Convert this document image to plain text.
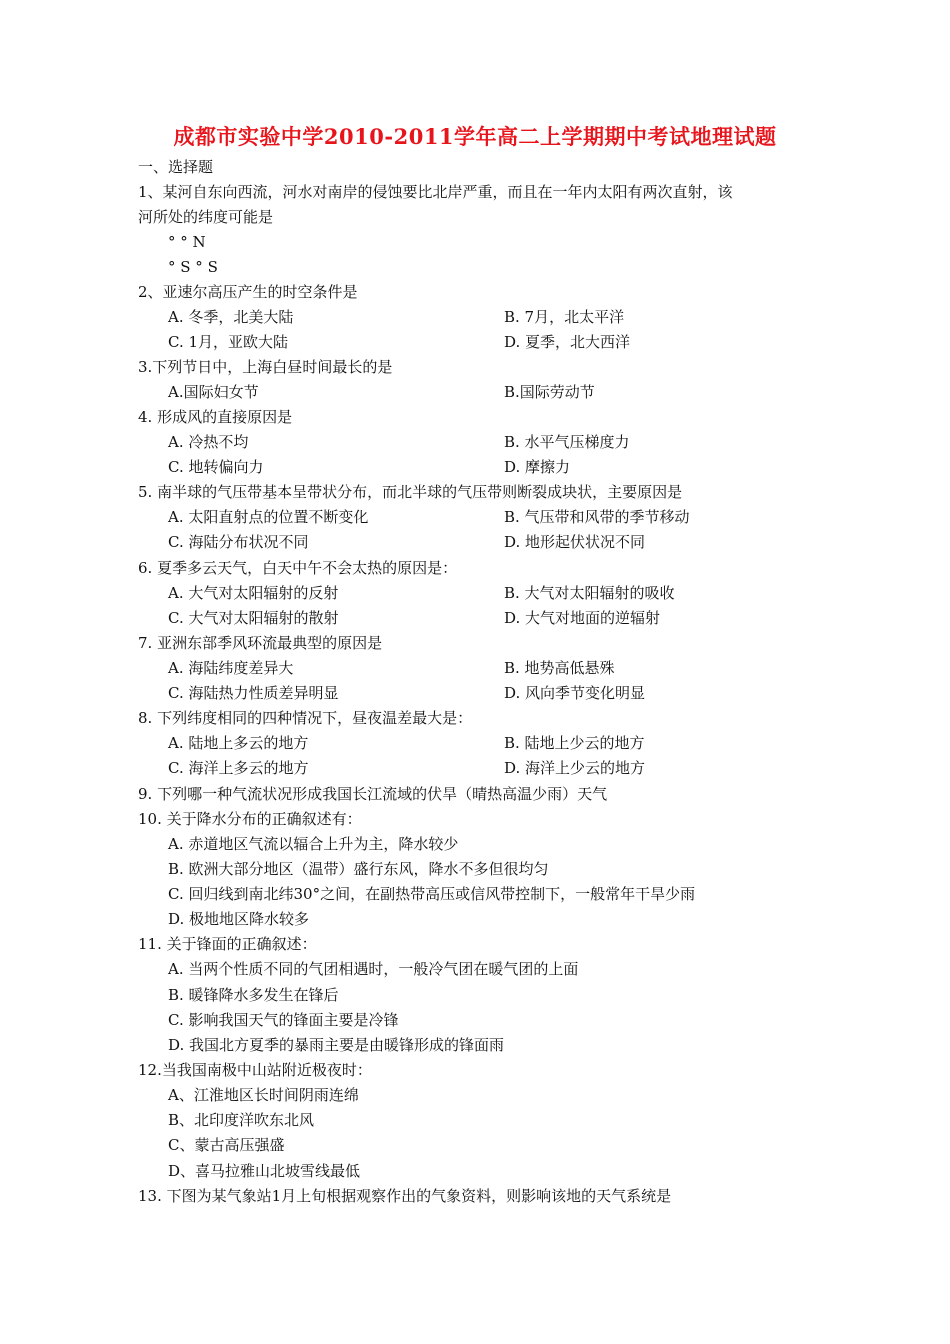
成都市实验中学2010-2011学年高二上学期期中考试地理试题
一、选择题
1、某河自东向西流，河水对南岸的侵蚀要比北岸严重，而且在一年内太阳有两次直射，该
河所处的纬度可能是
° ° N
° S ° S
2、亚速尔高压产生的时空条件是
A. 冬季，北美大陆	B. 7月，北太平洋
C. 1月，亚欧大陆	D. 夏季，北大西洋
3.下列节日中，上海白昼时间最长的是
A.国际妇女节	B.国际劳动节
4. 形成风的直接原因是
A. 冷热不均	B. 水平气压梯度力
C. 地转偏向力	D. 摩擦力
5. 南半球的气压带基本呈带状分布，而北半球的气压带则断裂成块状，主要原因是
A. 太阳直射点的位置不断变化	B. 气压带和风带的季节移动
C. 海陆分布状况不同	D. 地形起伏状况不同
6. 夏季多云天气，白天中午不会太热的原因是：
A. 大气对太阳辐射的反射	B. 大气对太阳辐射的吸收
C. 大气对太阳辐射的散射	D. 大气对地面的逆辐射
7. 亚洲东部季风环流最典型的原因是
A. 海陆纬度差异大	B. 地势高低悬殊
C. 海陆热力性质差异明显	D. 风向季节变化明显
8. 下列纬度相同的四种情况下，昼夜温差最大是：
A. 陆地上多云的地方	B. 陆地上少云的地方
C. 海洋上多云的地方	D. 海洋上少云的地方
9. 下列哪一种气流状况形成我国长江流域的伏旱（晴热高温少雨）天气
10. 关于降水分布的正确叙述有：
A. 赤道地区气流以辐合上升为主，降水较少
B. 欧洲大部分地区（温带）盛行东风，降水不多但很均匀
C. 回归线到南北纬30°之间，在副热带高压或信风带控制下，一般常年干旱少雨
D. 极地地区降水较多
11. 关于锋面的正确叙述：
A. 当两个性质不同的气团相遇时，一般冷气团在暖气团的上面
B. 暖锋降水多发生在锋后
C. 影响我国天气的锋面主要是冷锋
D. 我国北方夏季的暴雨主要是由暖锋形成的锋面雨
12.当我国南极中山站附近极夜时：
A、江淮地区长时间阴雨连绵
B、北印度洋吹东北风
C、蒙古高压强盛
D、喜马拉雅山北坡雪线最低
13. 下图为某气象站1月上旬根据观察作出的气象资料，则影响该地的天气系统是
